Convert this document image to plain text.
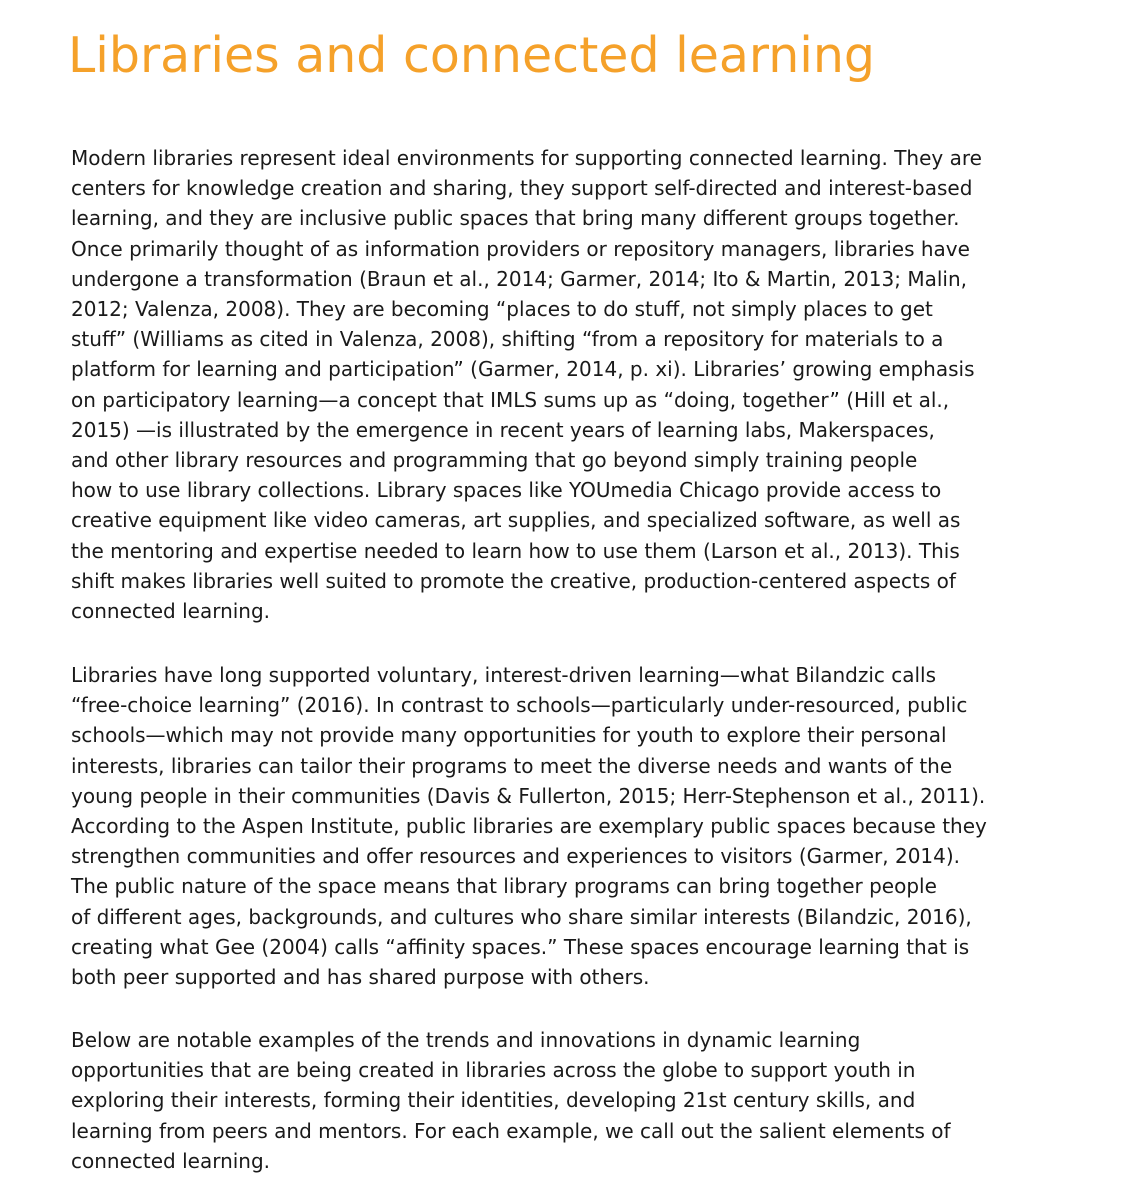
Libraries and connected learning

Modern libraries represent ideal environments for supporting connected learning. They are
centers for knowledge creation and sharing, they support self-directed and interest-based
learning, and they are inclusive public spaces that bring many different groups together.
Once primarily thought of as information providers or repository managers, libraries have
undergone a transformation (Braun et al., 2014; Garmer, 2014; Ito & Martin, 2013; Malin,
2012; Valenza, 2008). They are becoming “places to do stuff, not simply places to get
stuff” (Williams as cited in Valenza, 2008), shifting “from a repository for materials to a
platform for learning and participation” (Garmer, 2014, p. xi). Libraries’ growing emphasis
on participatory learning—a concept that IMLS sums up as “doing, together” (Hill et al.,
2015) —is illustrated by the emergence in recent years of learning labs, Makerspaces,
and other library resources and programming that go beyond simply training people
how to use library collections. Library spaces like YOUmedia Chicago provide access to
creative equipment like video cameras, art supplies, and specialized software, as well as
the mentoring and expertise needed to learn how to use them (Larson et al., 2013). This
shift makes libraries well suited to promote the creative, production-centered aspects of
connected learning.

Libraries have long supported voluntary, interest-driven learning—what Bilandzic calls
“free-choice learning” (2016). In contrast to schools—particularly under-resourced, public
schools—which may not provide many opportunities for youth to explore their personal
interests, libraries can tailor their programs to meet the diverse needs and wants of the
young people in their communities (Davis & Fullerton, 2015; Herr-Stephenson et al., 2011).
According to the Aspen Institute, public libraries are exemplary public spaces because they
strengthen communities and offer resources and experiences to visitors (Garmer, 2014).
The public nature of the space means that library programs can bring together people
of different ages, backgrounds, and cultures who share similar interests (Bilandzic, 2016),
creating what Gee (2004) calls “affinity spaces.” These spaces encourage learning that is
both peer supported and has shared purpose with others.

Below are notable examples of the trends and innovations in dynamic learning
opportunities that are being created in libraries across the globe to support youth in
exploring their interests, forming their identities, developing 21st century skills, and
learning from peers and mentors. For each example, we call out the salient elements of
connected learning.
